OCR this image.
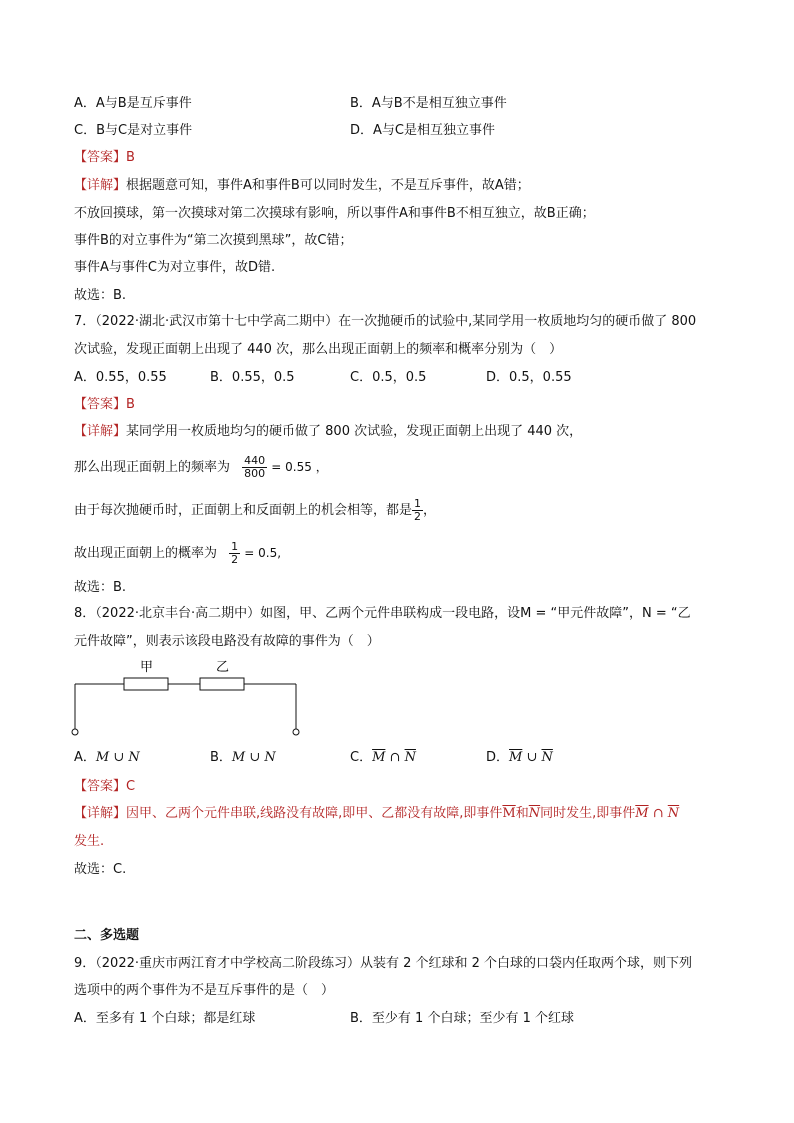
A．A与B是互斥事件	B．A与B不是相互独立事件
C．B与C是对立事件	D．A与C是相互独立事件
【答案】B
【详解】根据题意可知，事件A和事件B可以同时发生，不是互斥事件，故A错；
不放回摸球，第一次摸球对第二次摸球有影响，所以事件A和事件B不相互独立，故B正确；
事件B的对立事件为“第二次摸到黑球”，故C错；
事件A与事件C为对立事件，故D错.
故选：B.
7．（2022·湖北·武汉市第十七中学高二期中）在一次抛硬币的试验中,某同学用一枚质地均匀的硬币做了 800
次试验，发现正面朝上出现了 440 次，那么出现正面朝上的频率和概率分别为（　）
A．0.55，0.55	B．0.55，0.5	C．0.5，0.5	D．0.5，0.55
【答案】B
【详解】某同学用一枚质地均匀的硬币做了 800 次试验，发现正面朝上出现了 440 次，
那么出现正面朝上的频率为 $\frac{440}{800} = 0.55$ ，
由于每次抛硬币时，正面朝上和反面朝上的机会相等，都是 $\frac{1}{2}$ ，
故出现正面朝上的概率为 $\frac{1}{2} = 0.5$,
故选：B.
8．（2022·北京丰台·高二期中）如图，甲、乙两个元件串联构成一段电路，设M = “甲元件故障”，N = “乙
元件故障”，则表示该段电路没有故障的事件为（　）
甲	乙
A．M ∪ N	B．M ∪ N	C．$\overline{M}$ ∩ $\overline{N}$	D．$\overline{M}$ ∪ $\overline{N}$
【答案】C
【详解】因甲、乙两个元件串联,线路没有故障,即甲、乙都没有故障,即事件$\overline{M}$和$\overline{N}$同时发生,即事件$\overline{M}$ ∩ $\overline{N}$
发生.
故选：C.
二、多选题
9．（2022·重庆市两江育才中学校高二阶段练习）从装有 2 个红球和 2 个白球的口袋内任取两个球，则下列
选项中的两个事件为不是互斥事件的是（　）
A．至多有 1 个白球；都是红球	B．至少有 1 个白球；至少有 1 个红球
